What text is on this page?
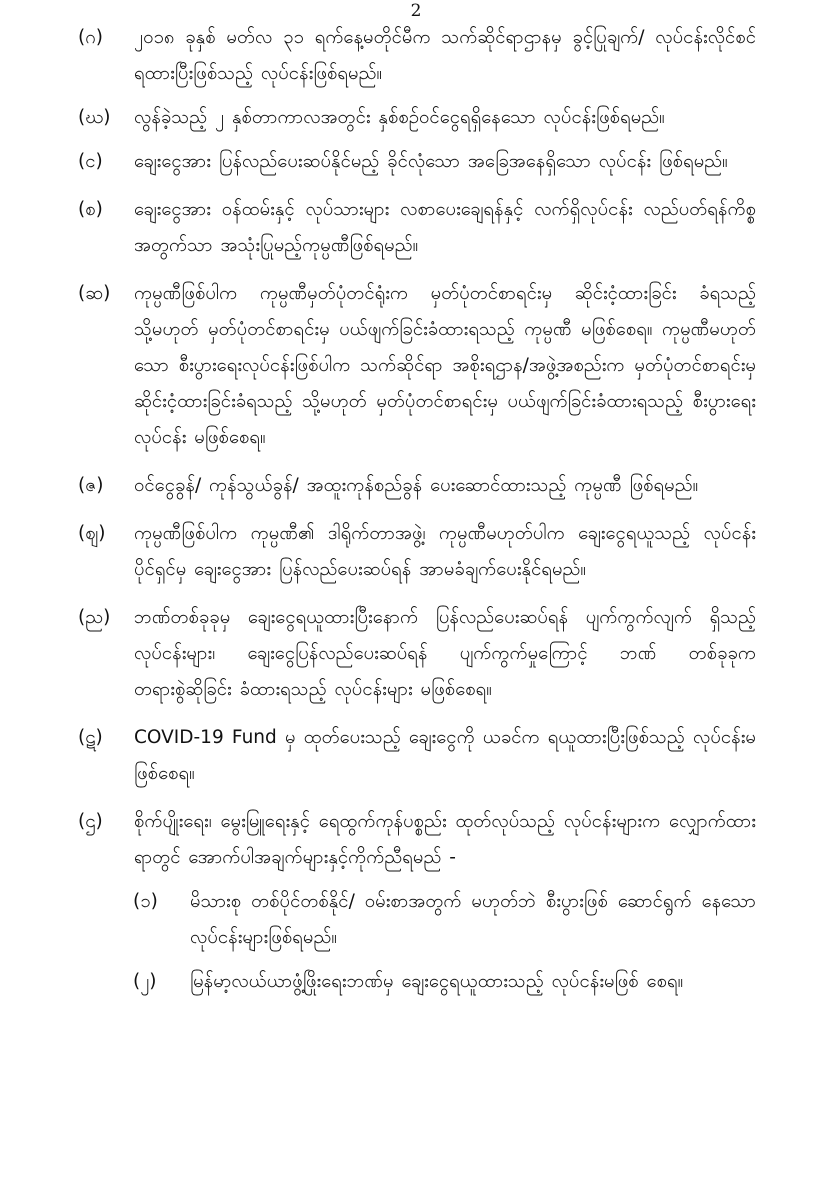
2
(ဂ) ၂၀၁၈ ခုနှစ် မတ်လ ၃၁ ရက်နေ့မတိုင်မီက သက်ဆိုင်ရာဌာနမှ ခွင့်ပြုချက်/ လုပ်ငန်းလိုင်စင်ရထားပြီးဖြစ်သည့် လုပ်ငန်းဖြစ်ရမည်။
(ဃ) လွန်ခဲ့သည့် ၂ နှစ်တာကာလအတွင်း နှစ်စဉ်ဝင်ငွေရရှိနေသော လုပ်ငန်းဖြစ်ရမည်။
(င) ချေးငွေအား ပြန်လည်ပေးဆပ်နိုင်မည့် ခိုင်လုံသော အခြေအနေရှိသော လုပ်ငန်း ဖြစ်ရမည်။
(စ) ချေးငွေအား ဝန်ထမ်းနှင့် လုပ်သားများ လစာပေးချေရန်နှင့် လက်ရှိလုပ်ငန်း လည်ပတ်ရန်ကိစ္စအတွက်သာ အသုံးပြုမည့်ကုမ္ပဏီဖြစ်ရမည်။
(ဆ) ကုမ္ပဏီဖြစ်ပါက ကုမ္ပဏီမှတ်ပုံတင်ရုံးက မှတ်ပုံတင်စာရင်းမှ ဆိုင်းငံ့ထားခြင်း ခံရသည့် သို့မဟုတ် မှတ်ပုံတင်စာရင်းမှ ပယ်ဖျက်ခြင်းခံထားရသည့် ကုမ္ပဏီ မဖြစ်စေရ။ ကုမ္ပဏီမဟုတ်သော စီးပွားရေးလုပ်ငန်းဖြစ်ပါက သက်ဆိုင်ရာ အစိုးရဌာန/အဖွဲ့အစည်းက မှတ်ပုံတင်စာရင်းမှ ဆိုင်းငံ့ထားခြင်းခံရသည့် သို့မဟုတ် မှတ်ပုံတင်စာရင်းမှ ပယ်ဖျက်ခြင်းခံထားရသည့် စီးပွားရေးလုပ်ငန်း မဖြစ်စေရ။
(ဇ) ဝင်ငွေခွန်/ ကုန်သွယ်ခွန်/ အထူးကုန်စည်ခွန် ပေးဆောင်ထားသည့် ကုမ္ပဏီ ဖြစ်ရမည်။
(ဈ) ကုမ္ပဏီဖြစ်ပါက ကုမ္ပဏီ၏ ဒါရိုက်တာအဖွဲ့၊ ကုမ္ပဏီမဟုတ်ပါက ချေးငွေရယူသည့် လုပ်ငန်းပိုင်ရှင်မှ ချေးငွေအား ပြန်လည်ပေးဆပ်ရန် အာမခံချက်ပေးနိုင်ရမည်။
(ည) ဘဏ်တစ်ခုခုမှ ချေးငွေရယူထားပြီးနောက် ပြန်လည်ပေးဆပ်ရန် ပျက်ကွက်လျက် ရှိသည့် လုပ်ငန်းများ၊ ချေးငွေပြန်လည်ပေးဆပ်ရန် ပျက်ကွက်မှုကြောင့် ဘဏ် တစ်ခုခုက တရားစွဲဆိုခြင်း ခံထားရသည့် လုပ်ငန်းများ မဖြစ်စေရ။
(ဋ) COVID-19 Fund မှ ထုတ်ပေးသည့် ချေးငွေကို ယခင်က ရယူထားပြီးဖြစ်သည့် လုပ်ငန်းမဖြစ်စေရ။
(ဌ) စိုက်ပျိုးရေး၊ မွေးမြူရေးနှင့် ရေထွက်ကုန်ပစ္စည်း ထုတ်လုပ်သည့် လုပ်ငန်းများက လျှောက်ထားရာတွင် အောက်ပါအချက်များနှင့်ကိုက်ညီရမည် -
(၁) မိသားစု တစ်ပိုင်တစ်နိုင်/ ဝမ်းစာအတွက် မဟုတ်ဘဲ စီးပွားဖြစ် ဆောင်ရွက် နေသော လုပ်ငန်းများဖြစ်ရမည်။
(၂) မြန်မာ့လယ်ယာဖွံ့ဖြိုးရေးဘဏ်မှ ချေးငွေရယူထားသည့် လုပ်ငန်းမဖြစ် စေရ။
